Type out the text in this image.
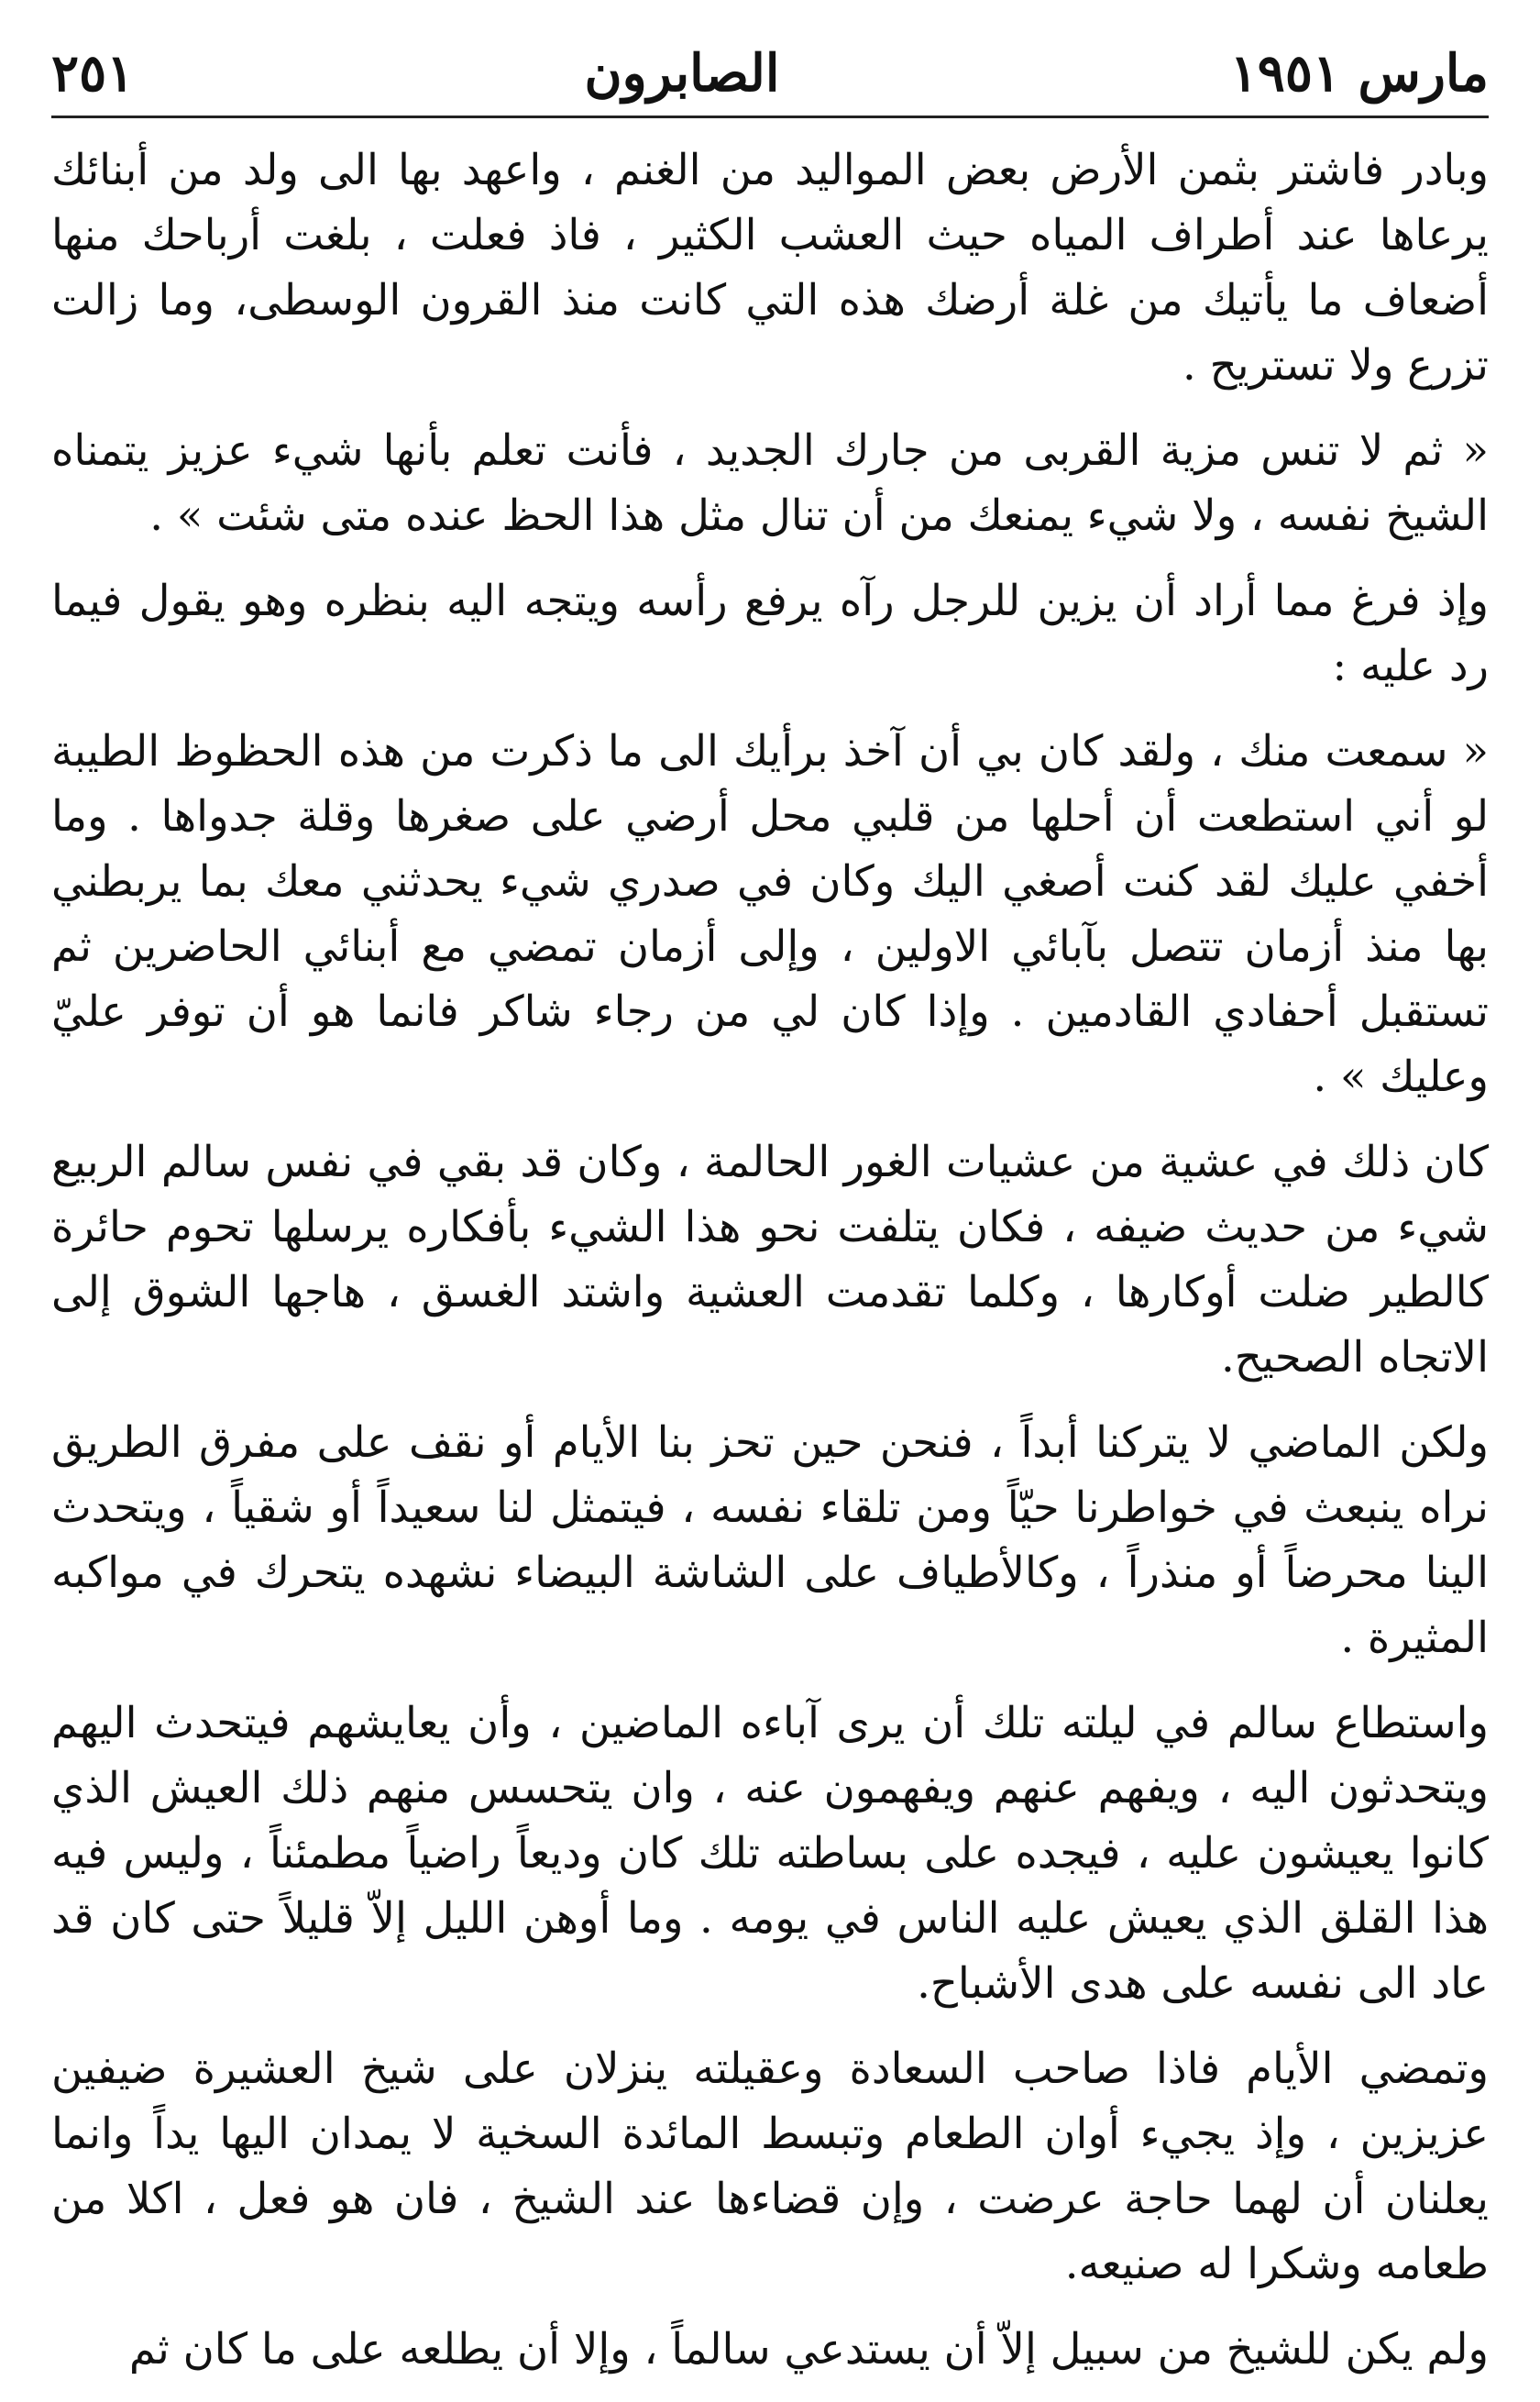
مارس ١٩٥١
الصابرون
٢٥١

وبادر فاشتر بثمن الأرض بعض المواليد من الغنم ، واعهد بها الى ولد من أبنائك يرعاها عند أطراف المياه حيث العشب الكثير ، فاذ فعلت ، بلغت أرباحك منها أضعاف ما يأتيك من غلة أرضك هذه التي كانت منذ القرون الوسطى، وما زالت تزرع ولا تستريح .

« ثم لا تنس مزية القربى من جارك الجديد ، فأنت تعلم بأنها شيء عزيز يتمناه الشيخ نفسه ، ولا شيء يمنعك من أن تنال مثل هذا الحظ عنده متى شئت » .

وإذ فرغ مما أراد أن يزين للرجل رآه يرفع رأسه ويتجه اليه بنظره وهو يقول فيما رد عليه :

« سمعت منك ، ولقد كان بي أن آخذ برأيك الى ما ذكرت من هذه الحظوظ الطيبة لو أني استطعت أن أحلها من قلبي محل أرضي على صغرها وقلة جدواها . وما أخفي عليك لقد كنت أصغي اليك وكان في صدري شيء يحدثني معك بما يربطني بها منذ أزمان تتصل بآبائي الاولين ، وإلى أزمان تمضي مع أبنائي الحاضرين ثم تستقبل أحفادي القادمين . وإذا كان لي من رجاء شاكر فانما هو أن توفر عليّ وعليك » .

كان ذلك في عشية من عشيات الغور الحالمة ، وكان قد بقي في نفس سالم الربيع شيء من حديث ضيفه ، فكان يتلفت نحو هذا الشيء بأفكاره يرسلها تحوم حائرة كالطير ضلت أوكارها ، وكلما تقدمت العشية واشتد الغسق ، هاجها الشوق إلى الاتجاه الصحيح.

ولكن الماضي لا يتركنا أبداً ، فنحن حين تحز بنا الأيام أو نقف على مفرق الطريق نراه ينبعث في خواطرنا حيّاً ومن تلقاء نفسه ، فيتمثل لنا سعيداً أو شقياً ، ويتحدث الينا محرضاً أو منذراً ، وكالأطياف على الشاشة البيضاء نشهده يتحرك في مواكبه المثيرة .

واستطاع سالم في ليلته تلك أن يرى آباءه الماضين ، وأن يعايشهم فيتحدث اليهم ويتحدثون اليه ، ويفهم عنهم ويفهمون عنه ، وان يتحسس منهم ذلك العيش الذي كانوا يعيشون عليه ، فيجده على بساطته تلك كان وديعاً راضياً مطمئناً ، وليس فيه هذا القلق الذي يعيش عليه الناس في يومه . وما أوهن الليل إلاّ قليلاً حتى كان قد عاد الى نفسه على هدى الأشباح.

وتمضي الأيام فاذا صاحب السعادة وعقيلته ينزلان على شيخ العشيرة ضيفين عزيزين ، وإذ يجيء أوان الطعام وتبسط المائدة السخية لا يمدان اليها يداً وانما يعلنان أن لهما حاجة عرضت ، وإن قضاءها عند الشيخ ، فان هو فعل ، اكلا من طعامه وشكرا له صنيعه.

ولم يكن للشيخ من سبيل إلاّ أن يستدعي سالماً ، وإلا أن يطلعه على ما كان ثم
